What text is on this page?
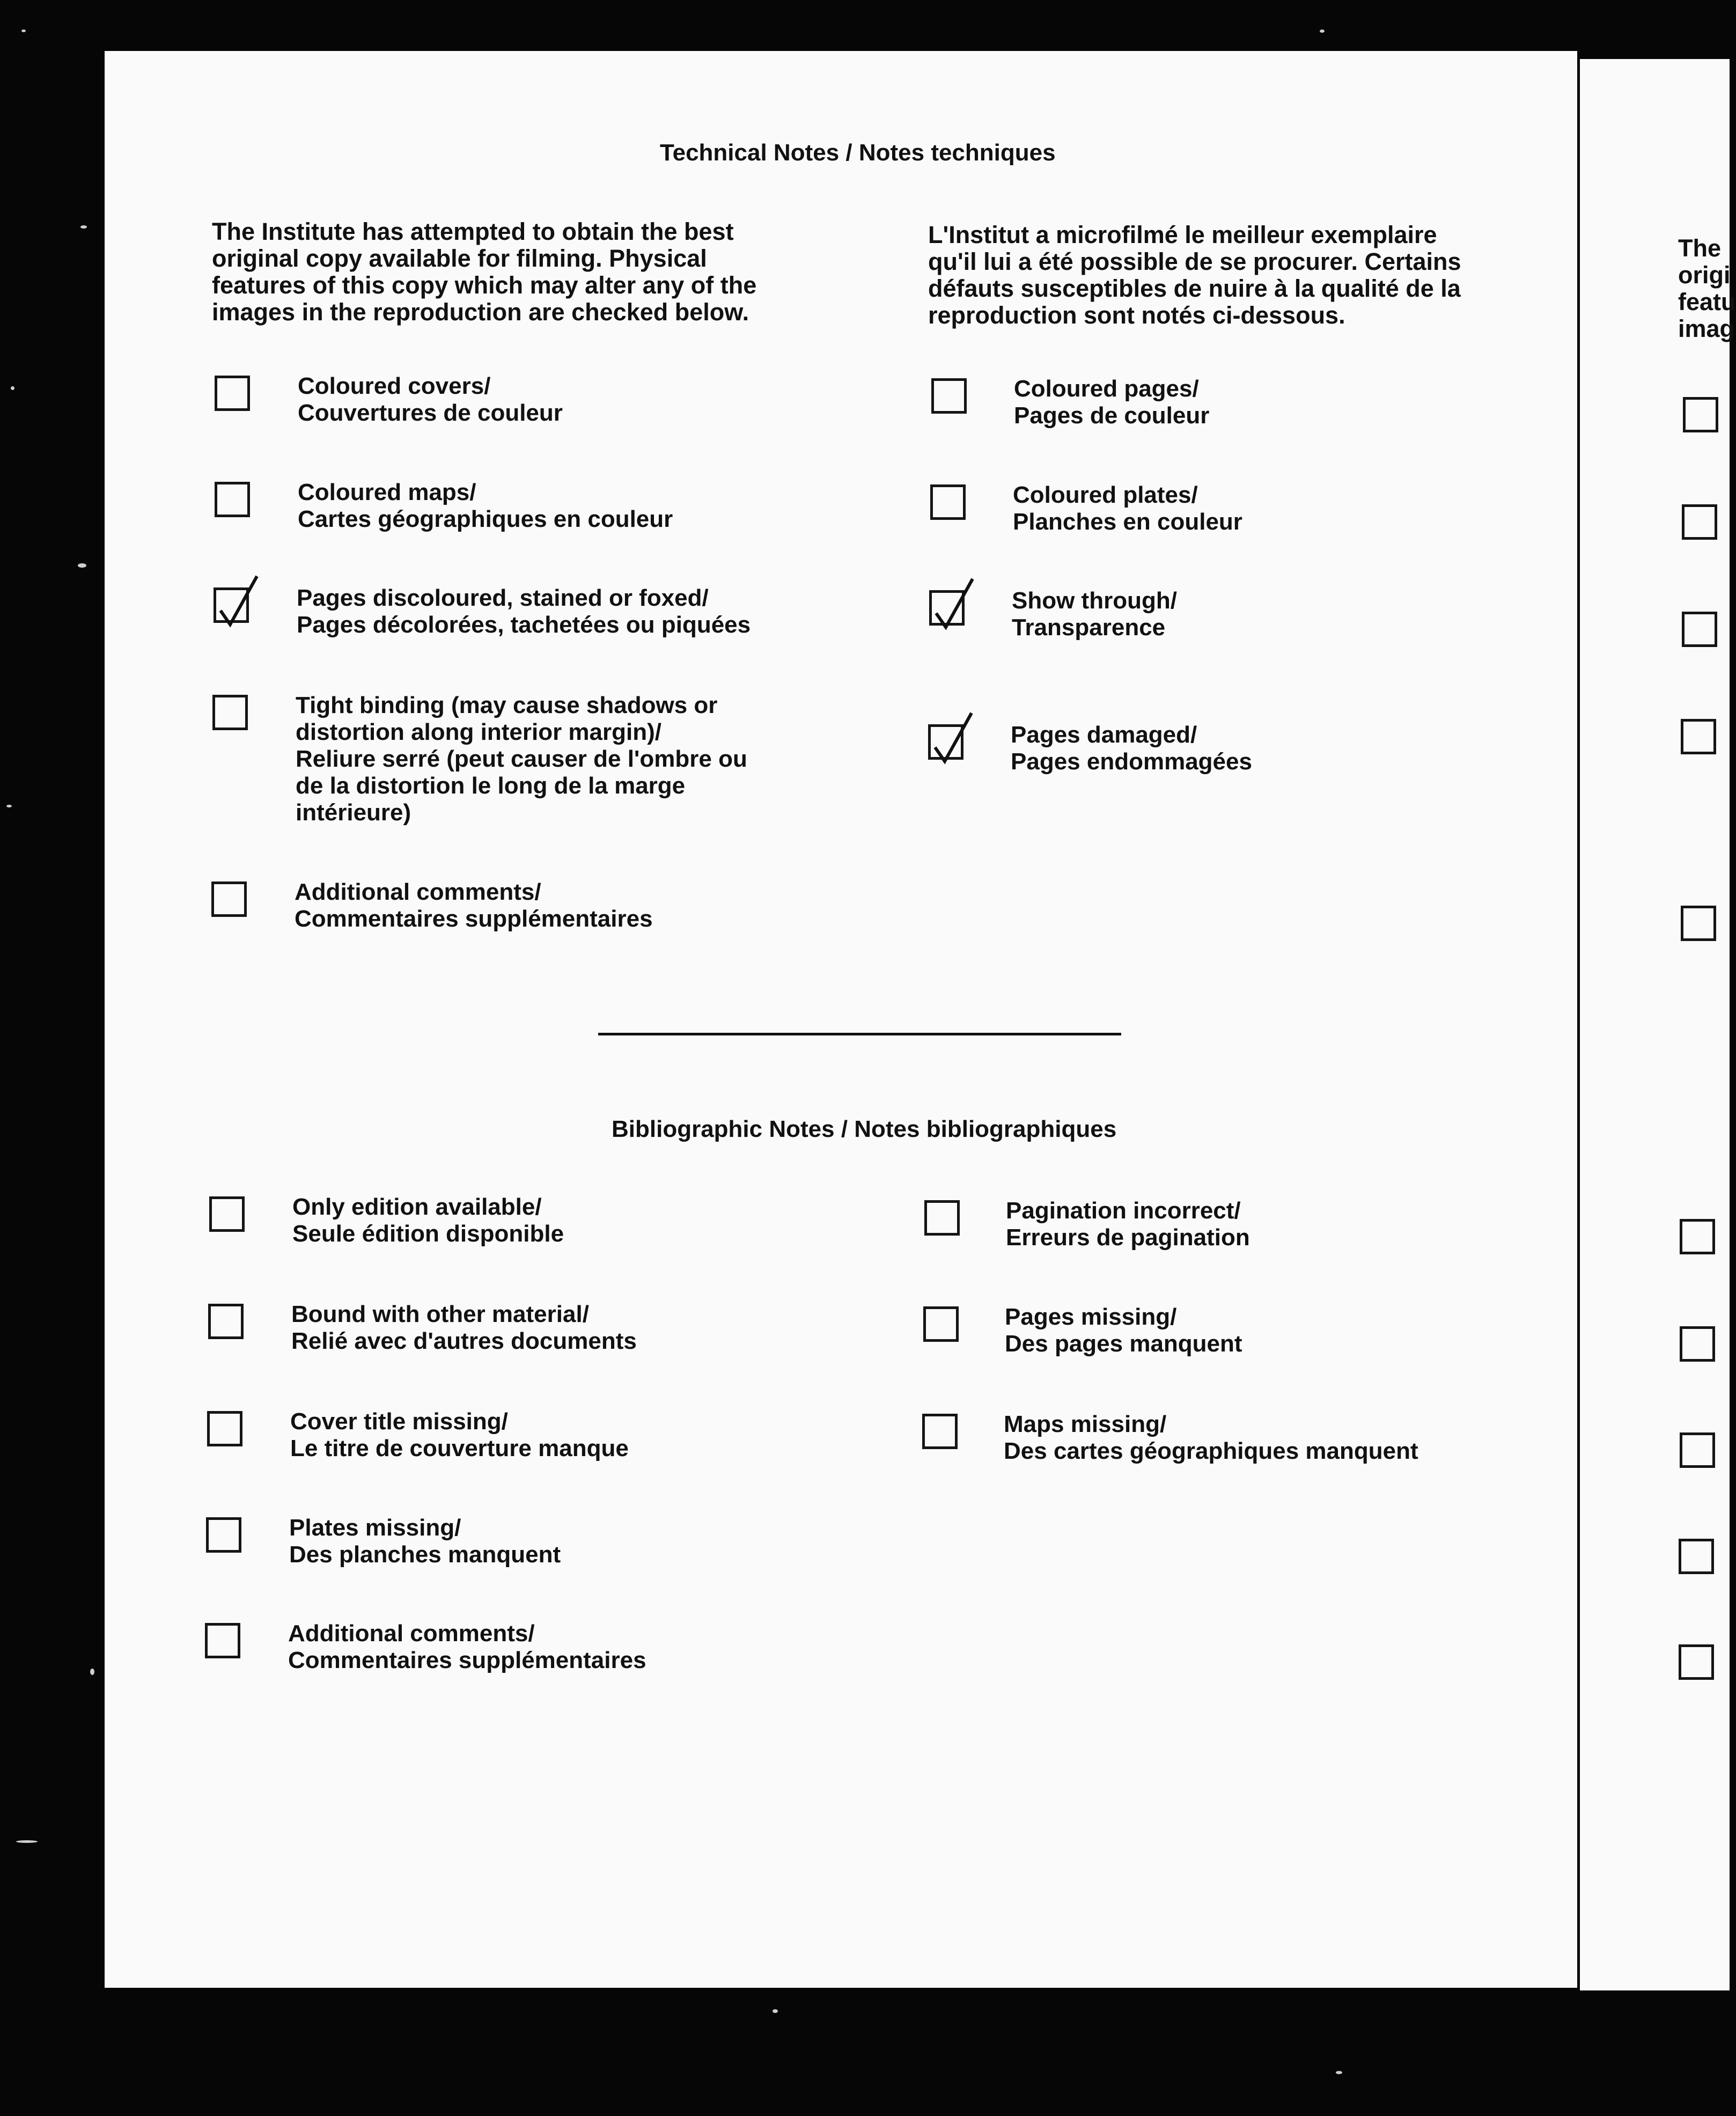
Technical Notes / Notes techniques
The Institute has attempted to obtain the best
original copy available for filming. Physical
features of this copy which may alter any of the
images in the reproduction are checked below.
L'Institut a microfilmé le meilleur exemplaire
qu'il lui a été possible de se procurer. Certains
défauts susceptibles de nuire à la qualité de la
reproduction sont notés ci-dessous.
Coloured covers/
Couvertures de couleur
Coloured maps/
Cartes géographiques en couleur
Pages discoloured, stained or foxed/
Pages décolorées, tachetées ou piquées
Tight binding (may cause shadows or
distortion along interior margin)/
Reliure serré (peut causer de l'ombre ou
de la distortion le long de la marge
intérieure)
Additional comments/
Commentaires supplémentaires
Coloured pages/
Pages de couleur
Coloured plates/
Planches en couleur
Show through/
Transparence
Pages damaged/
Pages endommagées
Bibliographic Notes / Notes bibliographiques
Only edition available/
Seule édition disponible
Bound with other material/
Relié avec d'autres documents
Cover title missing/
Le titre de couverture manque
Plates missing/
Des planches manquent
Additional comments/
Commentaires supplémentaires
Pagination incorrect/
Erreurs de pagination
Pages missing/
Des pages manquent
Maps missing/
Des cartes géographiques manquent
The
origi
featu
imag
